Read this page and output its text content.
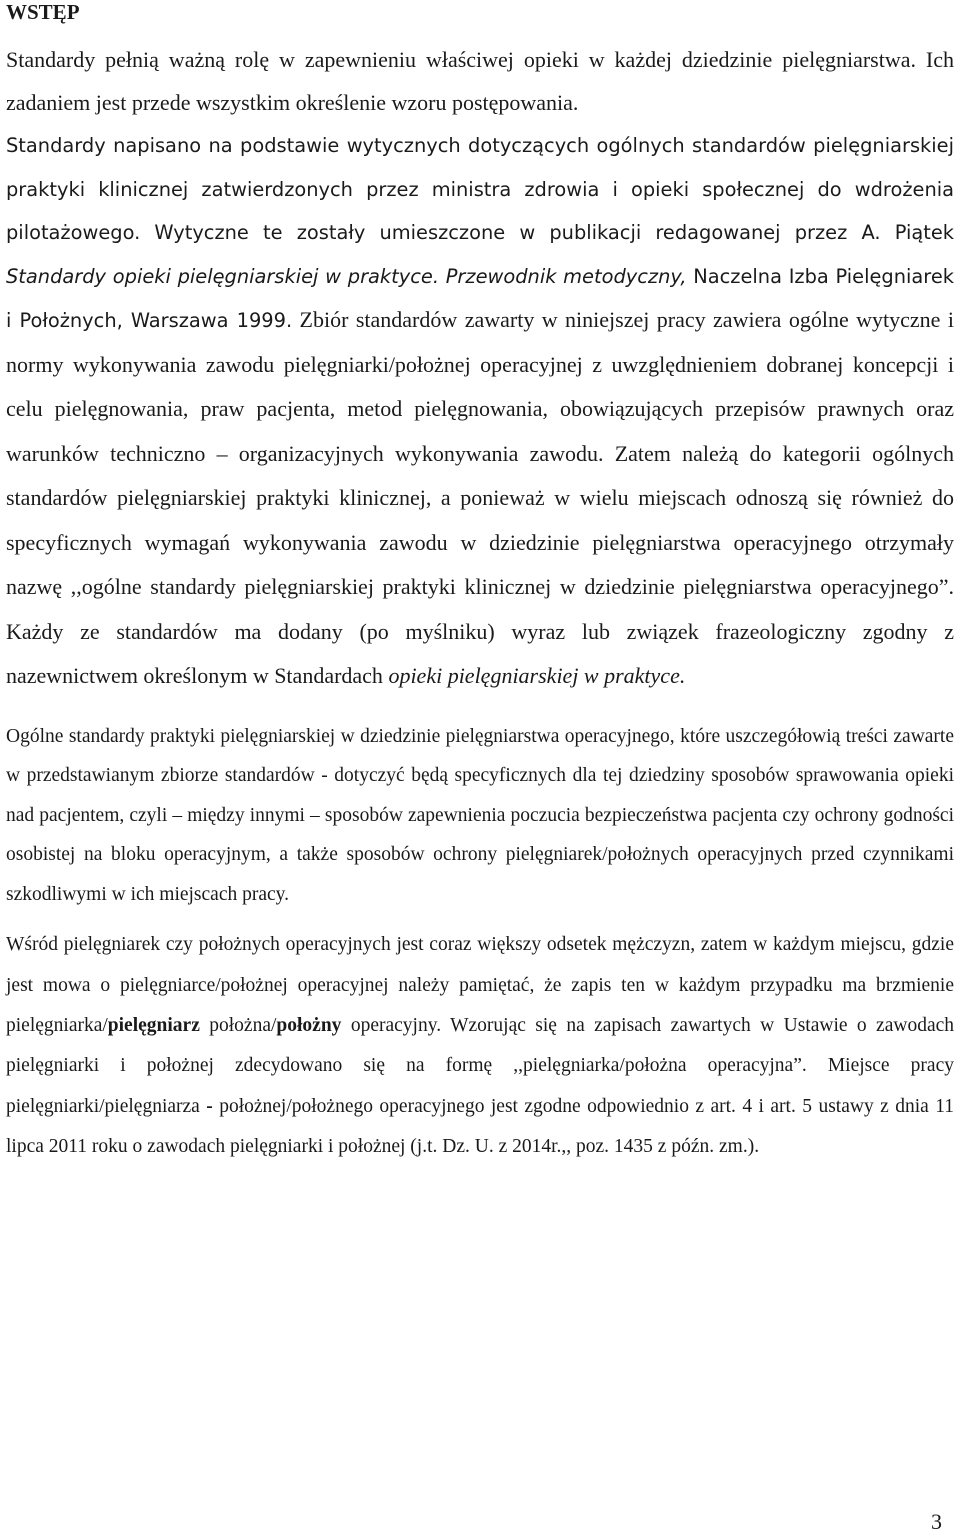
WSTĘP

Standardy pełnią ważną rolę w zapewnieniu właściwej opieki w każdej dziedzinie pielęgniarstwa. Ich zadaniem jest przede wszystkim określenie wzoru postępowania.

Standardy napisano na podstawie wytycznych dotyczących ogólnych standardów pielęgniarskiej praktyki klinicznej zatwierdzonych przez ministra zdrowia i opieki społecznej do wdrożenia pilotażowego. Wytyczne te zostały umieszczone w publikacji redagowanej przez A. Piątek Standardy opieki pielęgniarskiej w praktyce. Przewodnik metodyczny, Naczelna Izba Pielęgniarek i Położnych, Warszawa 1999. Zbiór standardów zawarty w niniejszej pracy zawiera ogólne wytyczne i normy wykonywania zawodu pielęgniarki/położnej operacyjnej z uwzględnieniem dobranej koncepcji i celu pielęgnowania, praw pacjenta, metod pielęgnowania, obowiązujących przepisów prawnych oraz warunków techniczno – organizacyjnych wykonywania zawodu. Zatem należą do kategorii ogólnych standardów pielęgniarskiej praktyki klinicznej, a ponieważ w wielu miejscach odnoszą się również do specyficznych wymagań wykonywania zawodu w dziedzinie pielęgniarstwa operacyjnego otrzymały nazwę ,,ogólne standardy pielęgniarskiej praktyki klinicznej w dziedzinie pielęgniarstwa operacyjnego”. Każdy ze standardów ma dodany (po myślniku) wyraz lub związek frazeologiczny zgodny z nazewnictwem określonym w Standardach opieki pielęgniarskiej w praktyce.

Ogólne standardy praktyki pielęgniarskiej w dziedzinie pielęgniarstwa operacyjnego, które uszczegółowią treści zawarte w przedstawianym zbiorze standardów - dotyczyć będą specyficznych dla tej dziedziny sposobów sprawowania opieki nad pacjentem, czyli – między innymi – sposobów zapewnienia poczucia bezpieczeństwa pacjenta czy ochrony godności osobistej na bloku operacyjnym, a także sposobów ochrony pielęgniarek/położnych operacyjnych przed czynnikami szkodliwymi w ich miejscach pracy.

Wśród pielęgniarek czy położnych operacyjnych jest coraz większy odsetek mężczyzn, zatem w każdym miejscu, gdzie jest mowa o pielęgniarce/położnej operacyjnej należy pamiętać, że zapis ten w każdym przypadku ma brzmienie pielęgniarka/pielęgniarz położna/położny operacyjny. Wzorując się na zapisach zawartych w Ustawie o zawodach pielęgniarki i położnej zdecydowano się na formę ,,pielęgniarka/położna operacyjna”. Miejsce pracy pielęgniarki/pielęgniarza - położnej/położnego operacyjnego jest zgodne odpowiednio z art. 4 i art. 5 ustawy z dnia 11 lipca 2011 roku o zawodach pielęgniarki i położnej (j.t. Dz. U. z 2014r.,, poz. 1435 z późn. zm.).

3
